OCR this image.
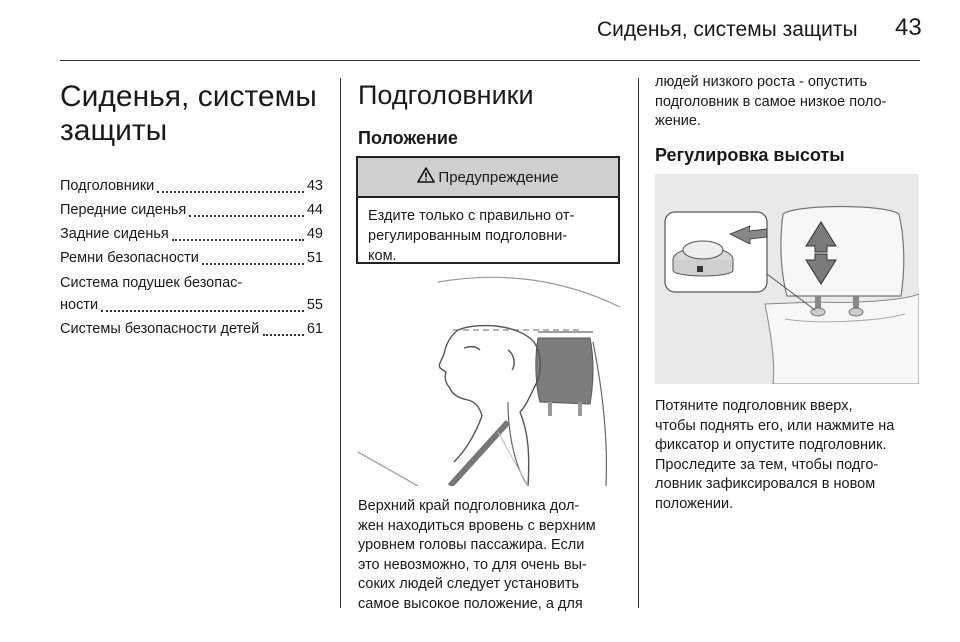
Сиденья, системы защиты 43
Сиденья, системы защиты
Подголовники	43
Передние сиденья	44
Задние сиденья	49
Ремни безопасности	51
Система подушек безопас-
ности	55
Системы безопасности детей	61
Подголовники
Положение
Предупреждение
Ездите только с правильно от-
регулированным подголовни-
ком.
Верхний край подголовника дол-
жен находиться вровень с верхним
уровнем головы пассажира. Если
это невозможно, то для очень вы-
соких людей следует установить
самое высокое положение, а для
людей низкого роста - опустить
подголовник в самое низкое поло-
жение.
Регулировка высоты
Потяните подголовник вверх,
чтобы поднять его, или нажмите на
фиксатор и опустите подголовник.
Проследите за тем, чтобы подго-
ловник зафиксировался в новом
положении.
